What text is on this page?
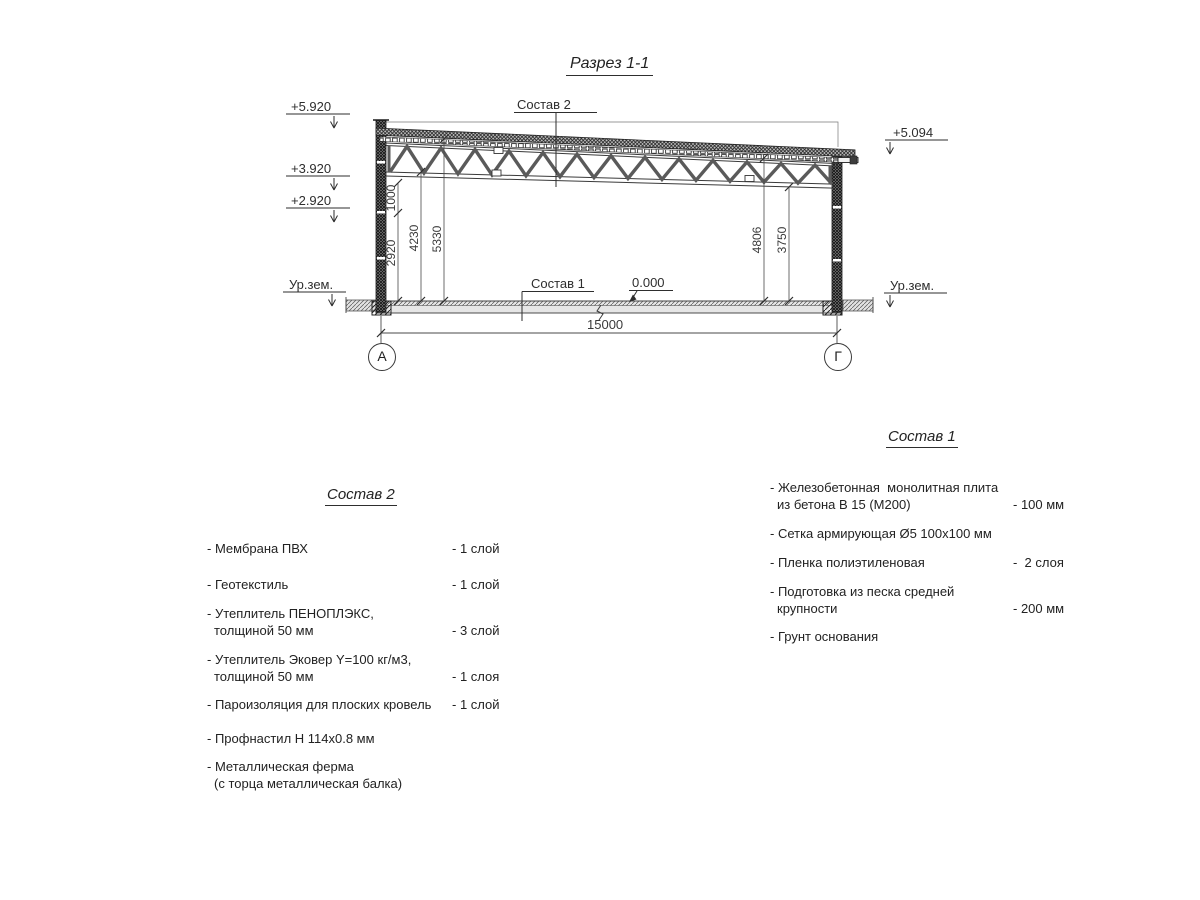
Разрез 1-1
+5.920
+3.920
+2.920
+5.094
Ур.зем.	Ур.зем.
Состав 2
Состав 1	0.000
15000
1000
2920
4230 5330	4806 3750
А	Г
Состав 2
- Мембрана ПВХ	- 1 слой
- Геотекстиль	- 1 слой
- Утеплитель ПЕНОПЛЭКС,
толщиной 50 мм	- 3 слой
- Утеплитель Эковер Y=100 кг/м3,
толщиной 50 мм	- 1 слоя
- Пароизоляция для плоских кровель - 1 слой
- Профнастил Н 114х0.8 мм
- Металлическая ферма
(с торца металлическая балка)
Состав 1
- Железобетонная  монолитная плита
из бетона В 15 (М200)	- 100 мм
- Сетка армирующая Ø5 100х100 мм
- Пленка полиэтиленовая	-  2 слоя
- Подготовка из песка средней
крупности	- 200 мм
- Грунт основания
